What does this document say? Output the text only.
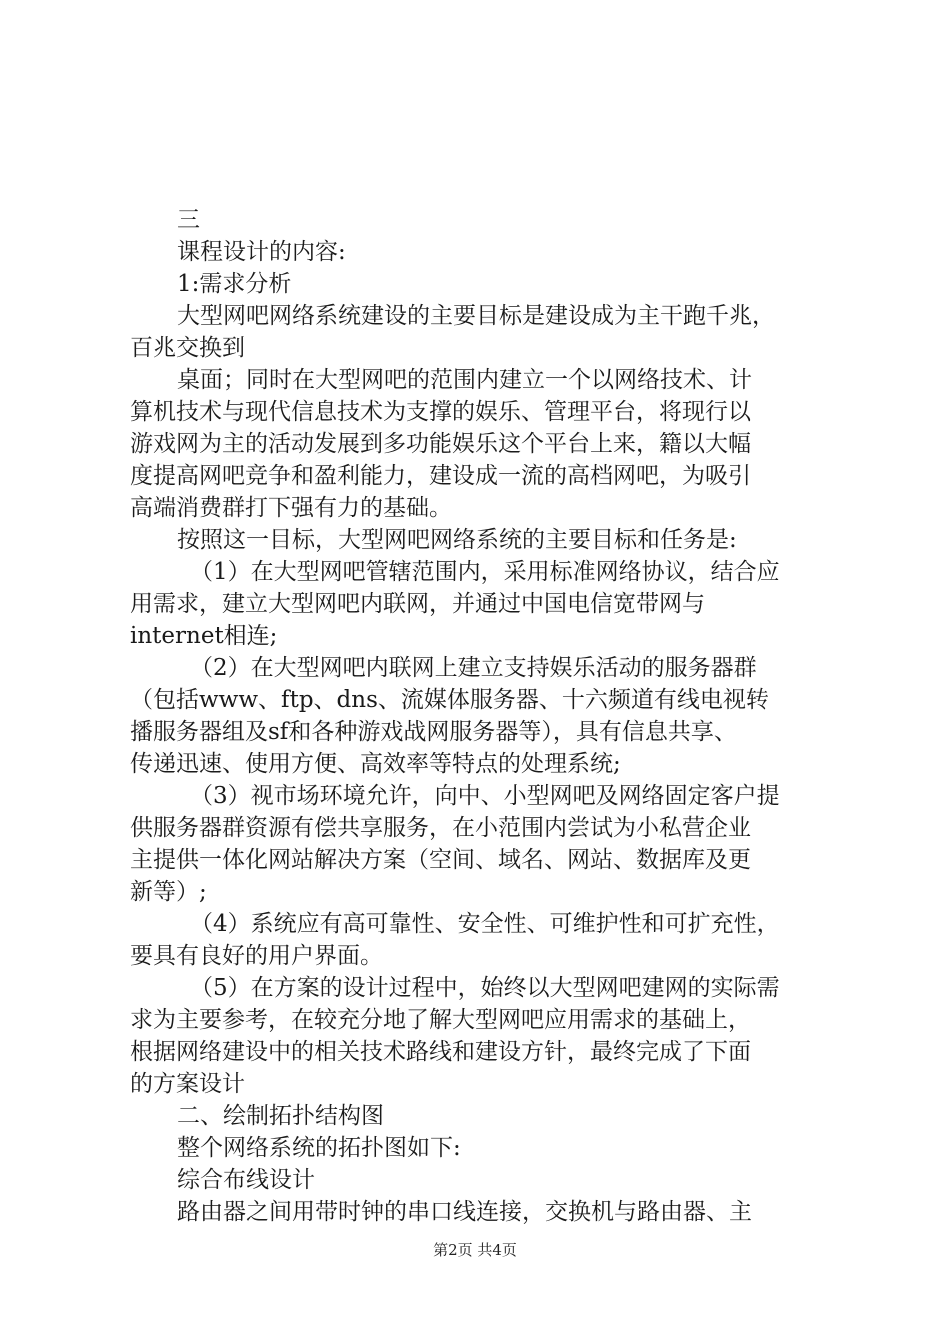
三
课程设计的内容:
1:需求分析
大型网吧网络系统建设的主要目标是建设成为主干跑千兆，
百兆交换到
桌面；同时在大型网吧的范围内建立一个以网络技术、计
算机技术与现代信息技术为支撑的娱乐、管理平台，将现行以
游戏网为主的活动发展到多功能娱乐这个平台上来，籍以大幅
度提高网吧竞争和盈利能力，建设成一流的高档网吧，为吸引
高端消费群打下强有力的基础。
按照这一目标，大型网吧网络系统的主要目标和任务是:
（1）在大型网吧管辖范围内，采用标准网络协议，结合应
用需求，建立大型网吧内联网，并通过中国电信宽带网与
internet相连;
（2）在大型网吧内联网上建立支持娱乐活动的服务器群
（包括www、ftp、dns、流媒体服务器、十六频道有线电视转
播服务器组及sf和各种游戏战网服务器等），具有信息共享、
传递迅速、使用方便、高效率等特点的处理系统;
（3）视市场环境允许，向中、小型网吧及网络固定客户提
供服务器群资源有偿共享服务，在小范围内尝试为小私营企业
主提供一体化网站解决方案（空间、域名、网站、数据库及更
新等）;
（4）系统应有高可靠性、安全性、可维护性和可扩充性，
要具有良好的用户界面。
（5）在方案的设计过程中，始终以大型网吧建网的实际需
求为主要参考，在较充分地了解大型网吧应用需求的基础上，
根据网络建设中的相关技术路线和建设方针，最终完成了下面
的方案设计
二、绘制拓扑结构图
整个网络系统的拓扑图如下:
综合布线设计
路由器之间用带时钟的串口线连接，交换机与路由器、主
第2页 共4页
